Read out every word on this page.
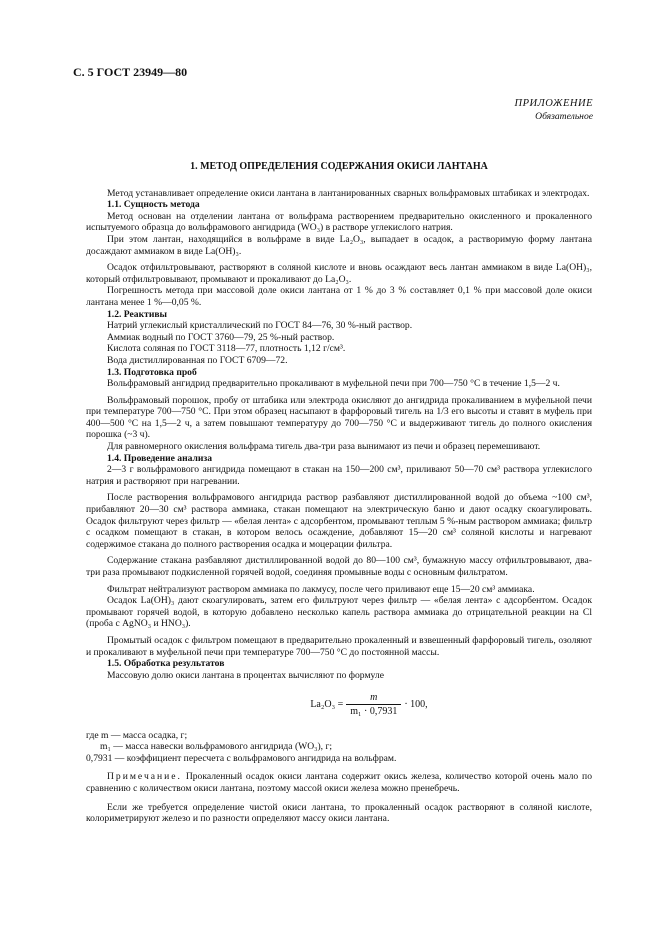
С. 5 ГОСТ 23949—80
ПРИЛОЖЕНИЕ
Обязательное
1. МЕТОД ОПРЕДЕЛЕНИЯ СОДЕРЖАНИЯ ОКИСИ ЛАНТАНА

Метод устанавливает определение окиси лантана в лантанированных сварных вольфрамовых штабиках и электродах.

1.1. Сущность метода

Метод основан на отделении лантана от вольфрама растворением предварительно окисленного и прокаленного испытуемого образца до вольфрамового ангидрида (WO₃) в растворе углекислого натрия.

При этом лантан, находящийся в вольфраме в виде La₂O₃, выпадает в осадок, а растворимую форму лантана досаждают аммиаком в виде La(OH)₃.

Осадок отфильтровывают, растворяют в соляной кислоте и вновь осаждают весь лантан аммиаком в виде La(OH)₃, который отфильтровывают, промывают и прокаливают до La₂O₃.

Погрешность метода при массовой доле окиси лантана от 1 % до 3 % составляет 0,1 % при массовой доле окиси лантана менее 1 %—0,05 %.

1.2. Реактивы

Натрий углекислый кристаллический по ГОСТ 84—76, 30 %-ный раствор.

Аммиак водный по ГОСТ 3760—79, 25 %-ный раствор.

Кислота соляная по ГОСТ 3118—77, плотность 1,12 г/см³.

Вода дистиллированная по ГОСТ 6709—72.

1.3. Подготовка проб

Вольфрамовый ангидрид предварительно прокаливают в муфельной печи при 700—750 °С в течение 1,5—2 ч.

Вольфрамовый порошок, пробу от штабика или электрода окисляют до ангидрида прокаливанием в муфельной печи при температуре 700—750 °С. При этом образец насыпают в фарфоровый тигель на 1/3 его высоты и ставят в муфель при 400—500 °С на 1,5—2 ч, а затем повышают температуру до 700—750 °С и выдерживают тигель до полного окисления порошка (~3 ч).

Для равномерного окисления вольфрама тигель два-три раза вынимают из печи и образец перемешивают.

1.4. Проведение анализа

2—3 г вольфрамового ангидрида помещают в стакан на 150—200 см³, приливают 50—70 см³ раствора углекислого натрия и растворяют при нагревании.

После растворения вольфрамового ангидрида раствор разбавляют дистиллированной водой до объема ~100 см³, прибавляют 20—30 см³ раствора аммиака, стакан помещают на электрическую баню и дают осадку скоагулировать. Осадок фильтруют через фильтр — «белая лента» с адсорбентом, промывают теплым 5 %-ным раствором аммиака; фильтр с осадком помещают в стакан, в котором велось осаждение, добавляют 15—20 см³ соляной кислоты и нагревают содержимое стакана до полного растворения осадка и моцерации фильтра.

Содержание стакана разбавляют дистиллированной водой до 80—100 см³, бумажную массу отфильтровывают, два-три раза промывают подкисленной горячей водой, соединяя промывные воды с основным фильтратом.

Фильтрат нейтрализуют раствором аммиака по лакмусу, после чего приливают еще 15—20 см³ аммиака.

Осадок La(OH)₃ дают скоагулировать, затем его фильтруют через фильтр — «белая лента» с адсорбентом. Осадок промывают горячей водой, в которую добавлено несколько капель раствора аммиака до отрицательной реакции на Cl (проба с AgNO₃ и HNO₃).

Промытый осадок с фильтром помещают в предварительно прокаленный и взвешенный фарфоровый тигель, озоляют и прокаливают в муфельной печи при температуре 700—750 °С до постоянной массы.

1.5. Обработка результатов

Массовую долю окиси лантана в процентах вычисляют по формуле

$La_2O_3 = \frac{m}{\text{m₁ · 0,7931}} \cdot 100$,

где m — масса осадка, г;

m₁ — масса навески вольфрамового ангидрида (WO₃), г;

0,7931 — коэффициент пересчета с вольфрамового ангидрида на вольфрам.

Примечание. Прокаленный осадок окиси лантана содержит окись железа, количество которой очень мало по сравнению с количеством окиси лантана, поэтому массой окиси железа можно пренебречь.

Если же требуется определение чистой окиси лантана, то прокаленный осадок растворяют в соляной кислоте, колориметрируют железо и по разности определяют массу окиси лантана.
